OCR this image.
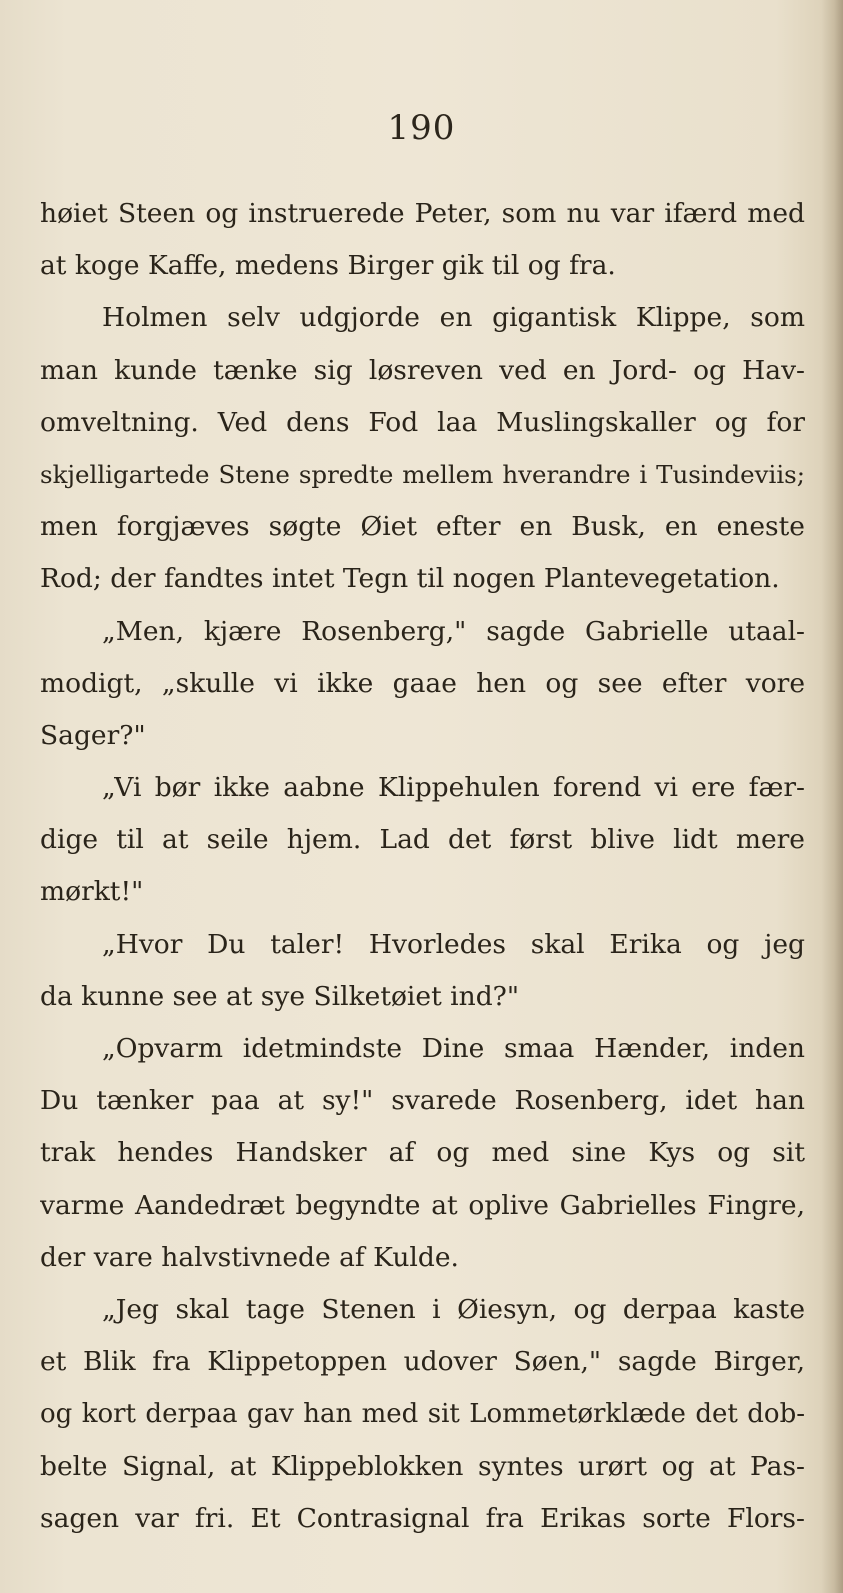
190
høiet Steen og instruerede Peter, som nu var ifærd med
at koge Kaffe, medens Birger gik til og fra.
Holmen selv udgjorde en gigantisk Klippe, som
man kunde tænke sig løsreven ved en Jord- og Hav-
omveltning. Ved dens Fod laa Muslingskaller og for
skjelligartede Stene spredte mellem hverandre i Tusindeviis;
men forgjæves søgte Øiet efter en Busk, en eneste
Rod; der fandtes intet Tegn til nogen Plantevegetation.
„Men, kjære Rosenberg," sagde Gabrielle utaal-
modigt, „skulle vi ikke gaae hen og see efter vore
Sager?"
„Vi bør ikke aabne Klippehulen forend vi ere fær-
dige til at seile hjem. Lad det først blive lidt mere
mørkt!"
„Hvor Du taler! Hvorledes skal Erika og jeg
da kunne see at sye Silketøiet ind?"
„Opvarm idetmindste Dine smaa Hænder, inden
Du tænker paa at sy!" svarede Rosenberg, idet han
trak hendes Handsker af og med sine Kys og sit
varme Aandedræt begyndte at oplive Gabrielles Fingre,
der vare halvstivnede af Kulde.
„Jeg skal tage Stenen i Øiesyn, og derpaa kaste
et Blik fra Klippetoppen udover Søen," sagde Birger,
og kort derpaa gav han med sit Lommetørklæde det dob-
belte Signal, at Klippeblokken syntes urørt og at Pas-
sagen var fri. Et Contrasignal fra Erikas sorte Flors-
